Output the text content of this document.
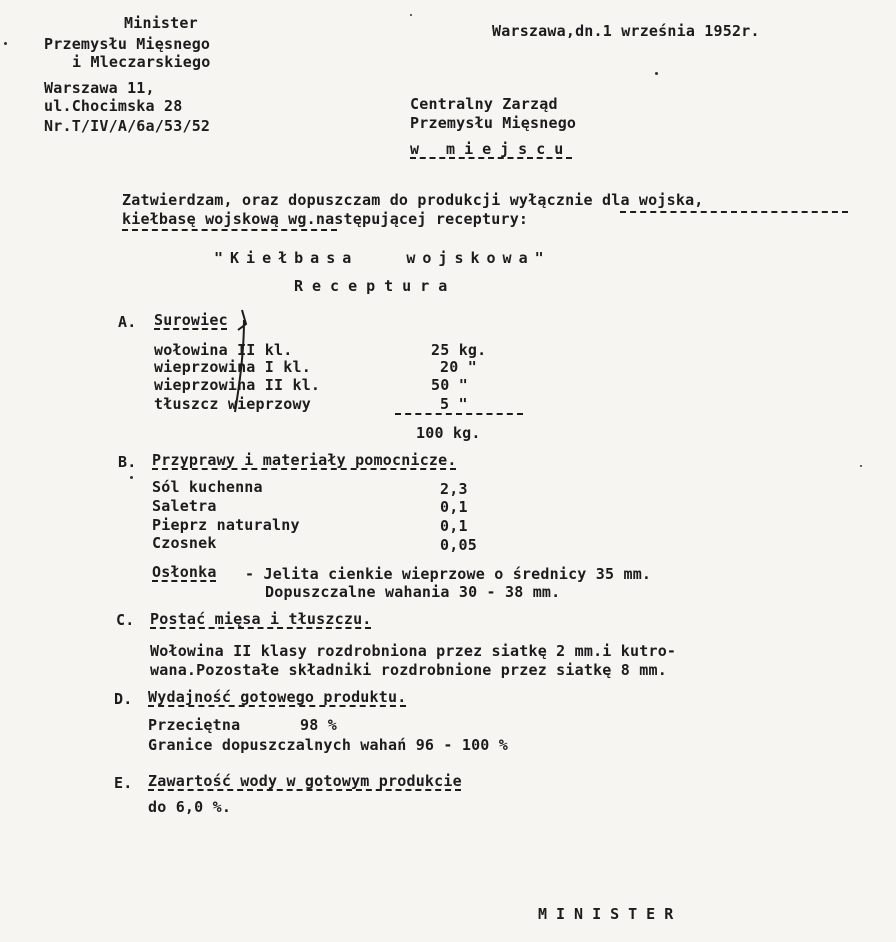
Minister
Przemysłu Mięsnego
i Mleczarskiego
Warszawa 11,
ul.Chocimska 28
Nr.T/IV/A/6a/53/52
Warszawa,dn.1 września 1952r.
Centralny Zarząd
Przemysłu Mięsnego
w miejscu
Zatwierdzam, oraz dopuszczam do produkcji wyłącznie dla wojska,
kiełbasę wojskową wg.następującej receptury:
"Kiełbasa   wojskowa"
Receptura
A. Surowiec
wołowina II kl.	25 kg.
wieprzowina I kl.	20 "
wieprzowina II kl.	50 "
tłuszcz wieprzowy	5 "
100 kg.
B. Przyprawy i materiały pomocnicze.
Sól kuchenna	2,3
Saletra	0,1
Pieprz naturalny	0,1
Czosnek	0,05
Osłonka - Jelita cienkie wieprzowe o średnicy 35 mm.
Dopuszczalne wahania 30 - 38 mm.
C. Postać mięsa i tłuszczu.
Wołowina II klasy rozdrobniona przez siatkę 2 mm.i kutro-
wana.Pozostałe składniki rozdrobnione przez siatkę 8 mm.
D. Wydajność gotowego produktu.
Przeciętna	98 %
Granice dopuszczalnych wahań 96 - 100 %
E. Zawartość wody w gotowym produkcie
do 6,0 %.
MINISTER
